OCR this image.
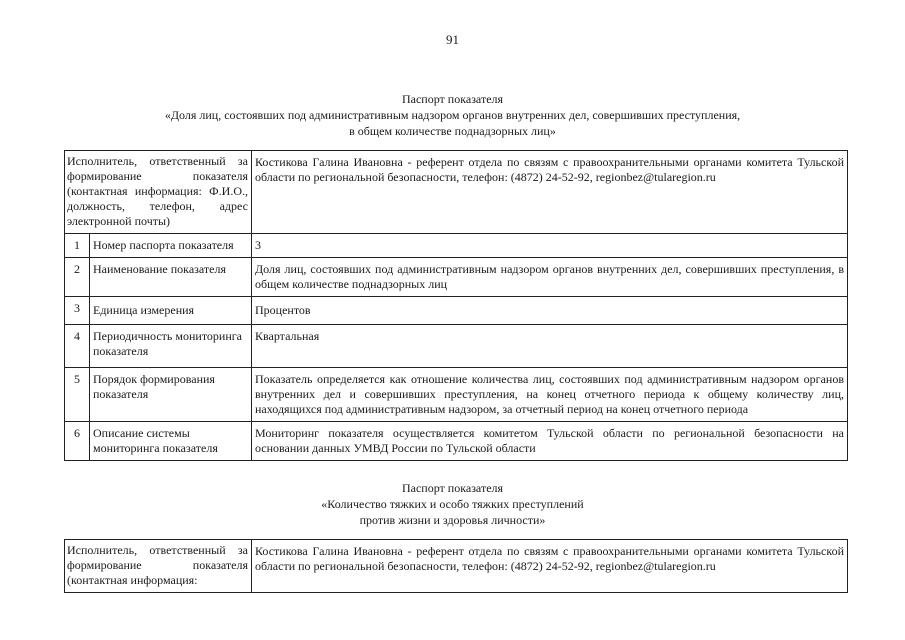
91
Паспорт показателя
«Доля лиц, состоявших под административным надзором органов внутренних дел, совершивших преступления,
в общем количестве поднадзорных лиц»
Исполнитель, ответственный за формирование показателя (контактная информация: Ф.И.О., должность, телефон, адрес электронной почты)		Костикова Галина Ивановна - референт отдела по связям с правоохранительными органами комитета Тульской области по региональной безопасности, телефон: (4872) 24-52-92, regionbez@tularegion.ru
1	Номер паспорта показателя	3
2	Наименование показателя	Доля лиц, состоявших под административным надзором органов внутренних дел, совершивших преступления, в общем количестве поднадзорных лиц
3	Единица измерения	Процентов
4	Периодичность мониторинга показателя	Квартальная
5	Порядок формирования показателя	Показатель определяется как отношение количества лиц, состоявших под административным надзором органов внутренних дел и совершивших преступления, на конец отчетного периода к общему количеству лиц, находящихся под административным надзором, за отчетный период на конец отчетного периода
6	Описание системы мониторинга показателя	Мониторинг показателя осуществляется комитетом Тульской области по региональной безопасности на основании данных УМВД России по Тульской области
Паспорт показателя
«Количество тяжких и особо тяжких преступлений
против жизни и здоровья личности»
Исполнитель, ответственный за формирование показателя (контактная информация:	Костикова Галина Ивановна - референт отдела по связям с правоохранительными органами комитета Тульской области по региональной безопасности, телефон: (4872) 24-52-92, regionbez@tularegion.ru
